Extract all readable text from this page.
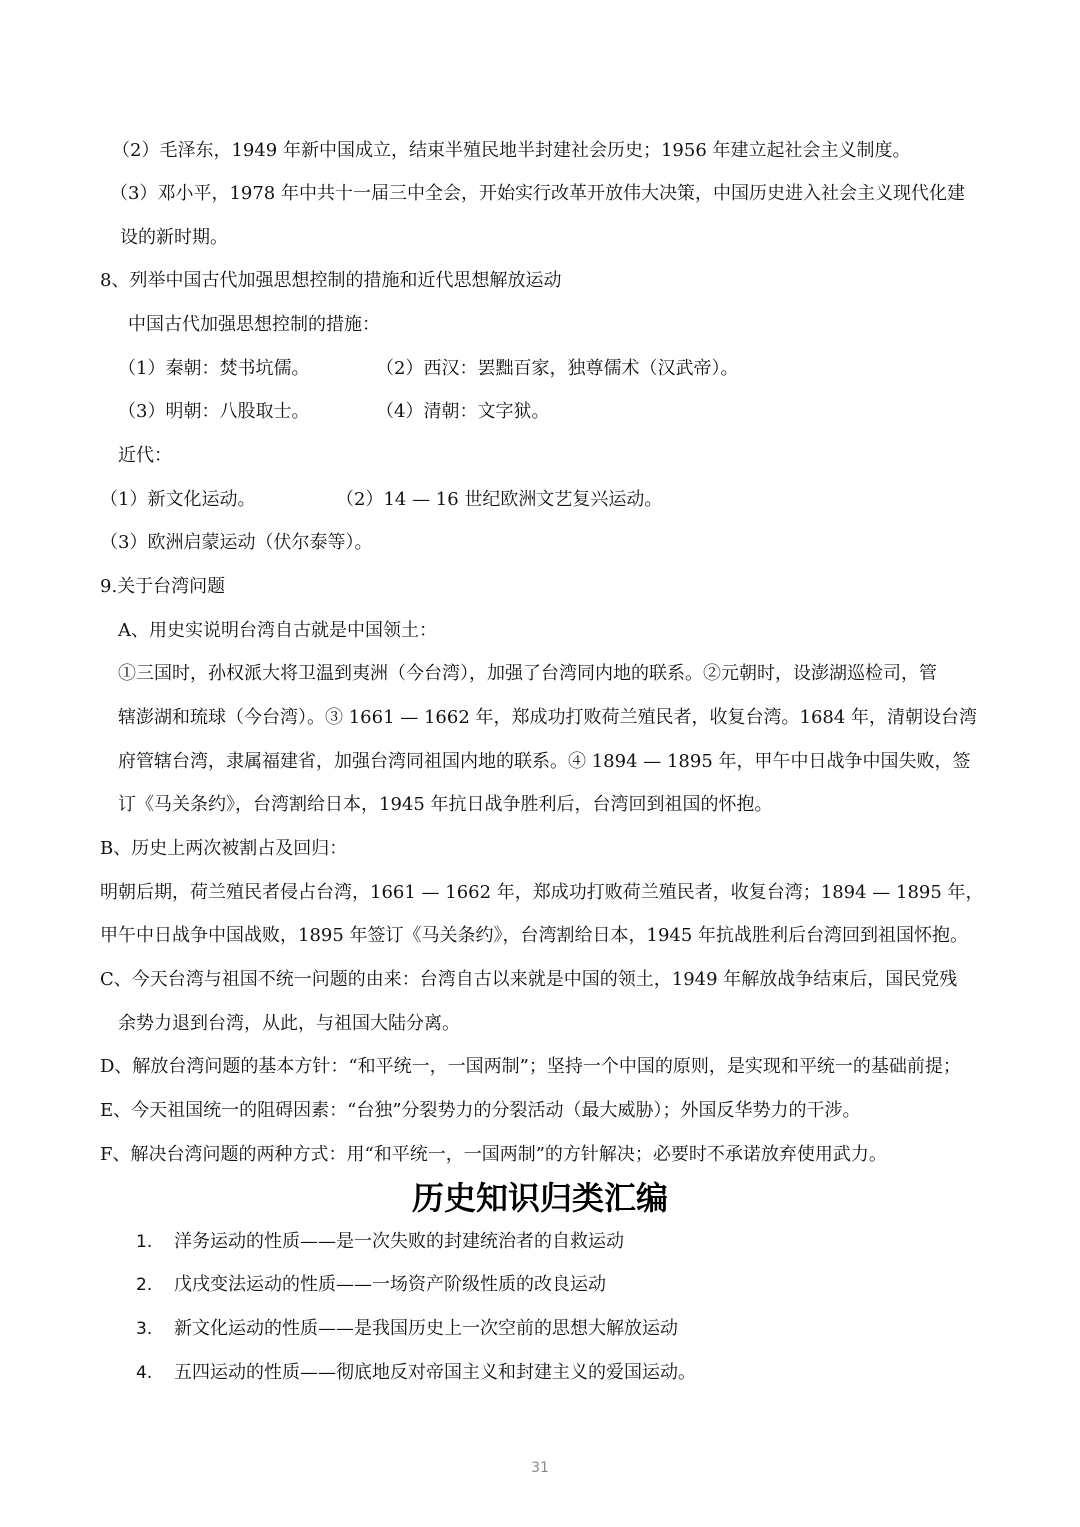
（2）毛泽东，1949 年新中国成立，结束半殖民地半封建社会历史；1956 年建立起社会主义制度。
（3）邓小平，1978 年中共十一届三中全会，开始实行改革开放伟大决策，中国历史进入社会主义现代化建
设的新时期。
8、列举中国古代加强思想控制的措施和近代思想解放运动
中国古代加强思想控制的措施：
（1）秦朝：焚书坑儒。	（2）西汉：罢黜百家，独尊儒术（汉武帝）。
（3）明朝：八股取士。	（4）清朝：文字狱。
近代：
（1）新文化运动。	（2）14 — 16 世纪欧洲文艺复兴运动。
（3）欧洲启蒙运动（伏尔泰等）。
9.关于台湾问题
A、用史实说明台湾自古就是中国领土：
①三国时，孙权派大将卫温到夷洲（今台湾），加强了台湾同内地的联系。②元朝时，设澎湖巡检司，管
辖澎湖和琉球（今台湾）。③ 1661 — 1662 年，郑成功打败荷兰殖民者，收复台湾。1684 年，清朝设台湾
府管辖台湾，隶属福建省，加强台湾同祖国内地的联系。④ 1894 — 1895 年，甲午中日战争中国失败，签
订《马关条约》，台湾割给日本，1945 年抗日战争胜利后，台湾回到祖国的怀抱。
B、历史上两次被割占及回归：
明朝后期，荷兰殖民者侵占台湾，1661 — 1662 年，郑成功打败荷兰殖民者，收复台湾；1894 — 1895 年，
甲午中日战争中国战败，1895 年签订《马关条约》，台湾割给日本，1945 年抗战胜利后台湾回到祖国怀抱。
C、今天台湾与祖国不统一问题的由来：台湾自古以来就是中国的领土，1949 年解放战争结束后，国民党残
余势力退到台湾，从此，与祖国大陆分离。
D、解放台湾问题的基本方针：“和平统一，一国两制”；坚持一个中国的原则，是实现和平统一的基础前提；
E、今天祖国统一的阻碍因素：“台独”分裂势力的分裂活动（最大威胁）；外国反华势力的干涉。
F、解决台湾问题的两种方式：用“和平统一，一国两制”的方针解决；必要时不承诺放弃使用武力。
历史知识归类汇编
1. 洋务运动的性质——是一次失败的封建统治者的自救运动
2. 戊戌变法运动的性质——一场资产阶级性质的改良运动
3. 新文化运动的性质——是我国历史上一次空前的思想大解放运动
4. 五四运动的性质——彻底地反对帝国主义和封建主义的爱国运动。
31
